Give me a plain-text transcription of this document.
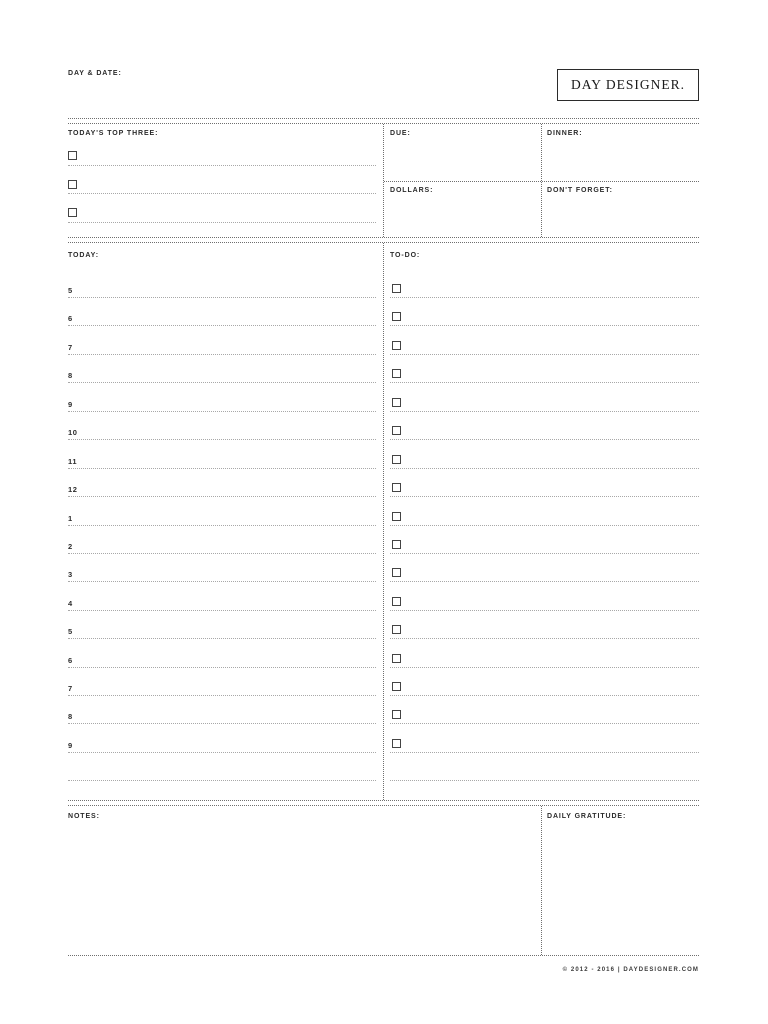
DAY & DATE:
DAY DESIGNER.
TODAY'S TOP THREE:	DUE:	DINNER:
DOLLARS:	DON'T FORGET:
TODAY:	TO-DO:
5
6
7
8
9
10
11
12
1
2
3
4
5
6
7
8
9
NOTES:	DAILY GRATITUDE:
© 2012 - 2016 | DAYDESIGNER.COM
